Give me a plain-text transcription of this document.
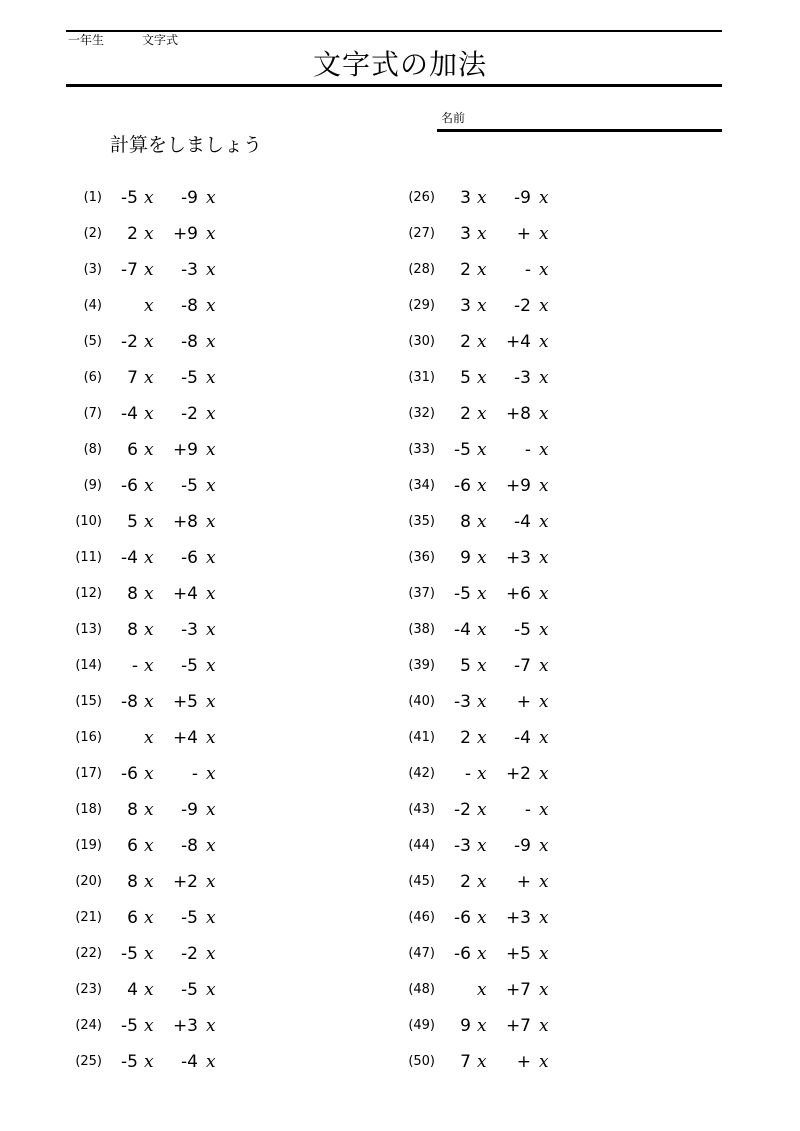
一年生	文字式
文字式の加法
名前
計算をしましょう
(1)	-5 x	-9 x
(2)	2 x +9 x
(3)	-7 x	-3 x
(4) x	-8 x
(5)	-2 x	-8 x
(6)	7 x	-5 x
(7)	-4 x	-2 x
(8)	6 x +9 x
(9)	-6 x	-5 x
(10)	5 x +8 x
(11)	-4 x	-6 x
(12)	8 x +4 x
(13)	8 x	-3 x
(14)	- x	-5 x
(15)	-8 x +5 x
(16) x +4 x
(17)	-6 x	- x
(18)	8 x	-9 x
(19)	6 x	-8 x
(20)	8 x +2 x
(21)	6 x	-5 x
(22)	-5 x	-2 x
(23)	4 x	-5 x
(24)	-5 x +3 x
(25)	-5 x	-4 x
(26)	3 x	-9 x
(27)	3 x	+ x
(28)	2 x	- x
(29)	3 x	-2 x
(30)	2 x +4 x
(31)	5 x	-3 x
(32)	2 x +8 x
(33)	-5 x	- x
(34)	-6 x +9 x
(35)	8 x	-4 x
(36)	9 x +3 x
(37)	-5 x +6 x
(38)	-4 x	-5 x
(39)	5 x	-7 x
(40)	-3 x	+ x
(41)	2 x	-4 x
(42)	- x +2 x
(43)	-2 x	- x
(44)	-3 x	-9 x
(45)	2 x	+ x
(46)	-6 x +3 x
(47)	-6 x +5 x
(48) x +7 x
(49)	9 x +7 x
(50)	7 x	+ x
